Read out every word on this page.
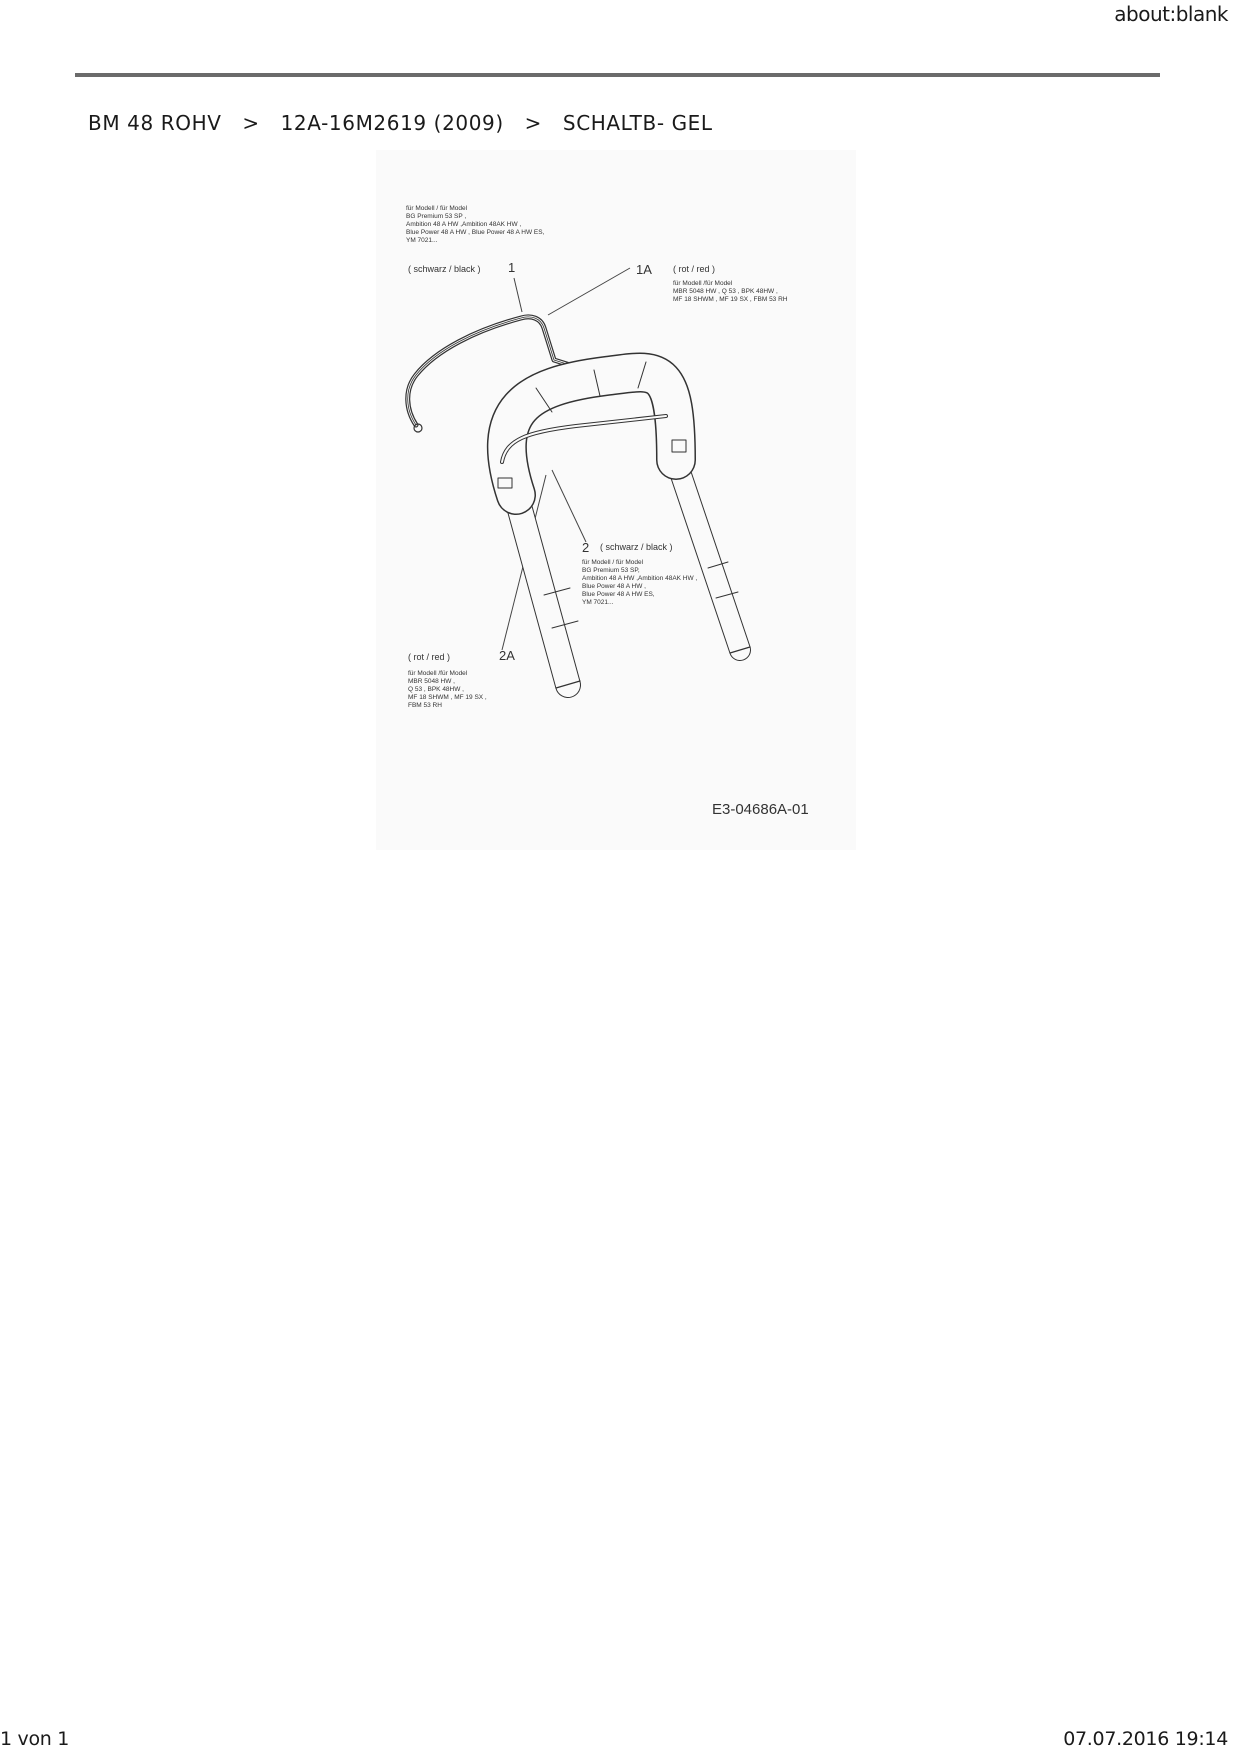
about:blank
BM 48 ROHV > 12A-16M2619 (2009) > SCHALTB- GEL
für Modell / für Model
BG Premium 53 SP ,
Ambition 48 A HW ,Ambition 48AK HW ,
Blue Power 48 A HW , Blue Power 48 A HW ES,
YM 7021...
( schwarz / black ) 1	1A ( rot / red )
für Modell /für Model
MBR 5048 HW , Q 53 , BPK 48HW ,
MF 18 SHWM , MF 19 SX , FBM 53 RH
2 ( schwarz / black )
für Modell / für Model
BG Premium 53 SP,
Ambition 48 A HW ,Ambition 48AK HW ,
Blue Power 48 A HW ,
Blue Power 48 A HW ES,
YM 7021...
( rot / red )	2A
für Modell /für Model
MBR 5048 HW ,
Q 53 , BPK 48HW ,
MF 18 SHWM , MF 19 SX ,
FBM 53 RH
E3-04686A-01
1 von 1	07.07.2016 19:14
